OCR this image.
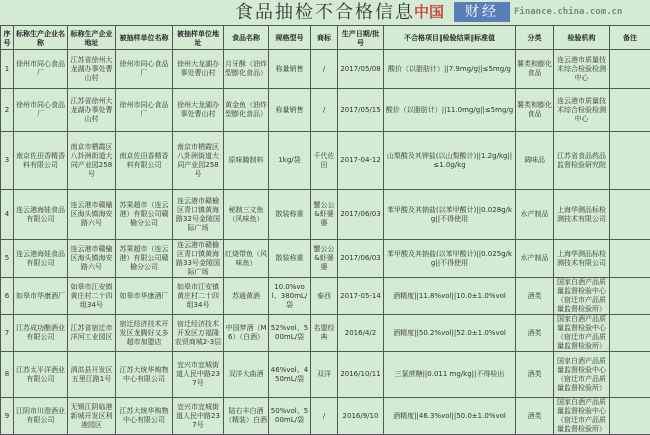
食品抽检不合格信息 中国	财经	Finance.china.com.cn
序号	标称生产企业名称	标称生产企业地址	被抽样单位名称	被抽样单位地址	食品名称	规格型号	商标	生产日期/批号	不合格项目‖检验结果‖标准值	分类	检验机构	备注
1	徐州市同心食品厂	江苏省徐州大龙湖办事处曹山村	徐州市同心食品厂	徐州大龙湖办事处曹山村	月牙酥（油炸型膨化食品）	称量销售	/	2017/05/08	酸价（以脂肪计）||7.9mg/g||≤5mg/g	薯类和膨化食品	连云港市质量技术综合检验检测中心	
2	徐州市同心食品厂	江苏省徐州大龙湖办事处曹山村	徐州市同心食品厂	徐州大龙湖办事处曹山村	黄金鱼（油炸型膨化食品）	称量销售	/	2017/05/15	酸价（以脂肪计）||11.0mg/g||≤5mg/g	薯类和膨化食品	连云港市质量技术综合检验检测中心	
3	南京佐田香精香料有限公司	南京市栖霞区八卦洲街道大同产业园258号	南京佐田香精香料有限公司	南京市栖霞区八卦洲街道大同产业园258号	原味腌制料	1kg/袋	千代佐田	2017-04-12	山梨酸及其钾盐(以山梨酸计)||1.2g/kg||≤1.0g/kg	调味品	江苏省食品药品监督检验研究院	
4	连云港海娃食品有限公司	连云港市赣榆区海头镇海安路六号	苏果超市（连云港）有限公司赣榆分公司	连云港市赣榆区青口镇黄海路32号金陵国际广场	秘制三文鱼（风味鱼）	散装称重	蟹公公&虾婆婆	2017/06/03	苯甲酸及其钠盐(以苯甲酸计)||0.028g/kg||不得使用	水产制品	上海华测品标检测技术有限公司	
5	连云港海娃食品有限公司	连云港市赣榆区海头镇海安路六号	苏果超市（连云港）有限公司赣榆分公司	连云港市赣榆区青口镇黄海路33号金陵国际广场	红烧带鱼（风味鱼）	散装称重	蟹公公&虾婆婆	2017/06/03	苯甲酸及其钠盐(以苯甲酸计)||0.025g/kg||不得使用	水产制品	上海华测品标检测技术有限公司	
6	如皋市华康酒厂	如皋市江安镇黄庄村二十四组34号	如皋市华康酒厂	如皋市江安镇黄庄村二十四组34号	苏通黄酒	10.0%vol、380mL/袋	泰西	2017-05-14	酒精度||11.8%vol||10.0±1.0%vol	酒类	国家白酒产品质量监督检验中心（宿迁市产品质量监督检验所）	
7	江苏成功酿酒业有限公司	江苏省宿迁市洋河工业园区	宿迁经济技术开发区龙腾好又多超市加盟店	宿迁经济技术开发区万福隆农贸商城2-3层	中国梦酒（M6）（白酒）	52%vol、500mL/袋	名盟经典	2016/4/2	酒精度||50.2%vol||52.0±1.0%vol	酒类	国家白酒产品质量监督检验中心（宿迁市产品质量监督检验所）	
8	江苏太平洋酒业有限公司	泗洪县开发区五里江路1号	江苏大统华购物中心有限公司	宜兴市宜城街道人民中路237号	双洋大曲酒	46%vol、450mL/袋	双洋	2016/10/11	三氯蔗糖||0.011 mg/kg||不得检出	酒类	国家白酒产品质量监督检验中心（宿迁市产品质量监督检验所）	
9	江阴市川澄酒业有限公司	无锡江阴临港新城开发区利港园区	江苏大统华购物中心有限公司	宜兴市宜城街道人民中路237号	陆右丰白酒（精装）白酒	50%vol、500mL/袋	/	2016/9/10	酒精度||46.3%vol||50.0±1.0%vol	酒类	国家白酒产品质量监督检验中心（宿迁市产品质量监督检验所）	
